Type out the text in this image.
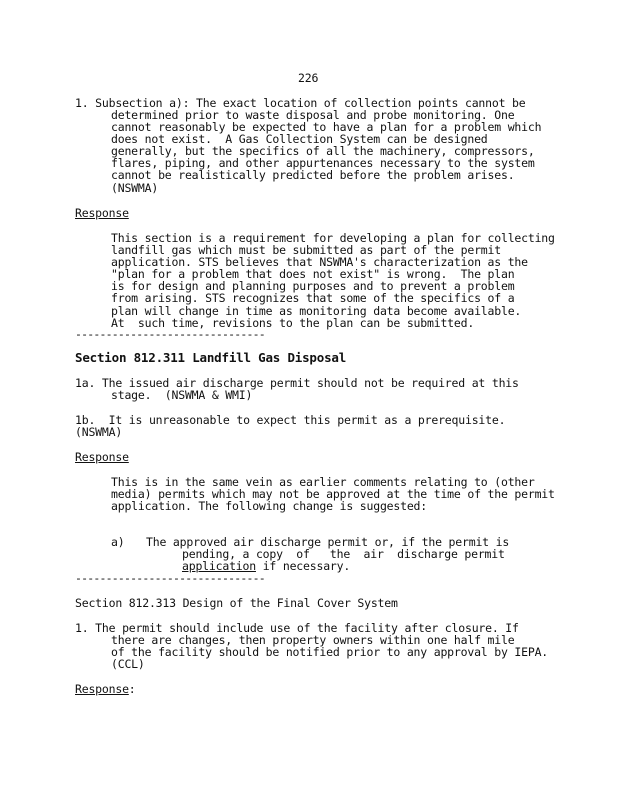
226
1. Subsection a): The exact location of collection points cannot be
determined prior to waste disposal and probe monitoring. One
cannot reasonably be expected to have a plan for a problem which
does not exist.  A Gas Collection System can be designed
generally, but the specifics of all the machinery, compressors,
flares, piping, and other appurtenances necessary to the system
cannot be realistically predicted before the problem arises.
(NSWMA)
Response
This section is a requirement for developing a plan for collecting
landfill gas which must be submitted as part of the permit
application. STS believes that NSWMA's characterization as the
"plan for a problem that does not exist" is wrong.  The plan
is for design and planning purposes and to prevent a problem
from arising. STS recognizes that some of the specifics of a
plan will change in time as monitoring data become available.
At  such time, revisions to the plan can be submitted.
-------------------------------
Section 812.311 Landfill Gas Disposal
1a. The issued air discharge permit should not be required at this
stage.  (NSWMA & WMI)
1b.  It is unreasonable to expect this permit as a prerequisite.
(NSWMA)
Response
This is in the same vein as earlier comments relating to (other
media) permits which may not be approved at the time of the permit
application. The following change is suggested:
a) The approved air discharge permit or, if the permit is
pending, a copy  of   the  air  discharge permit
application if necessary.
-------------------------------
Section 812.313 Design of the Final Cover System
1. The permit should include use of the facility after closure. If
there are changes, then property owners within one half mile
of the facility should be notified prior to any approval by IEPA.
(CCL)
Response:
